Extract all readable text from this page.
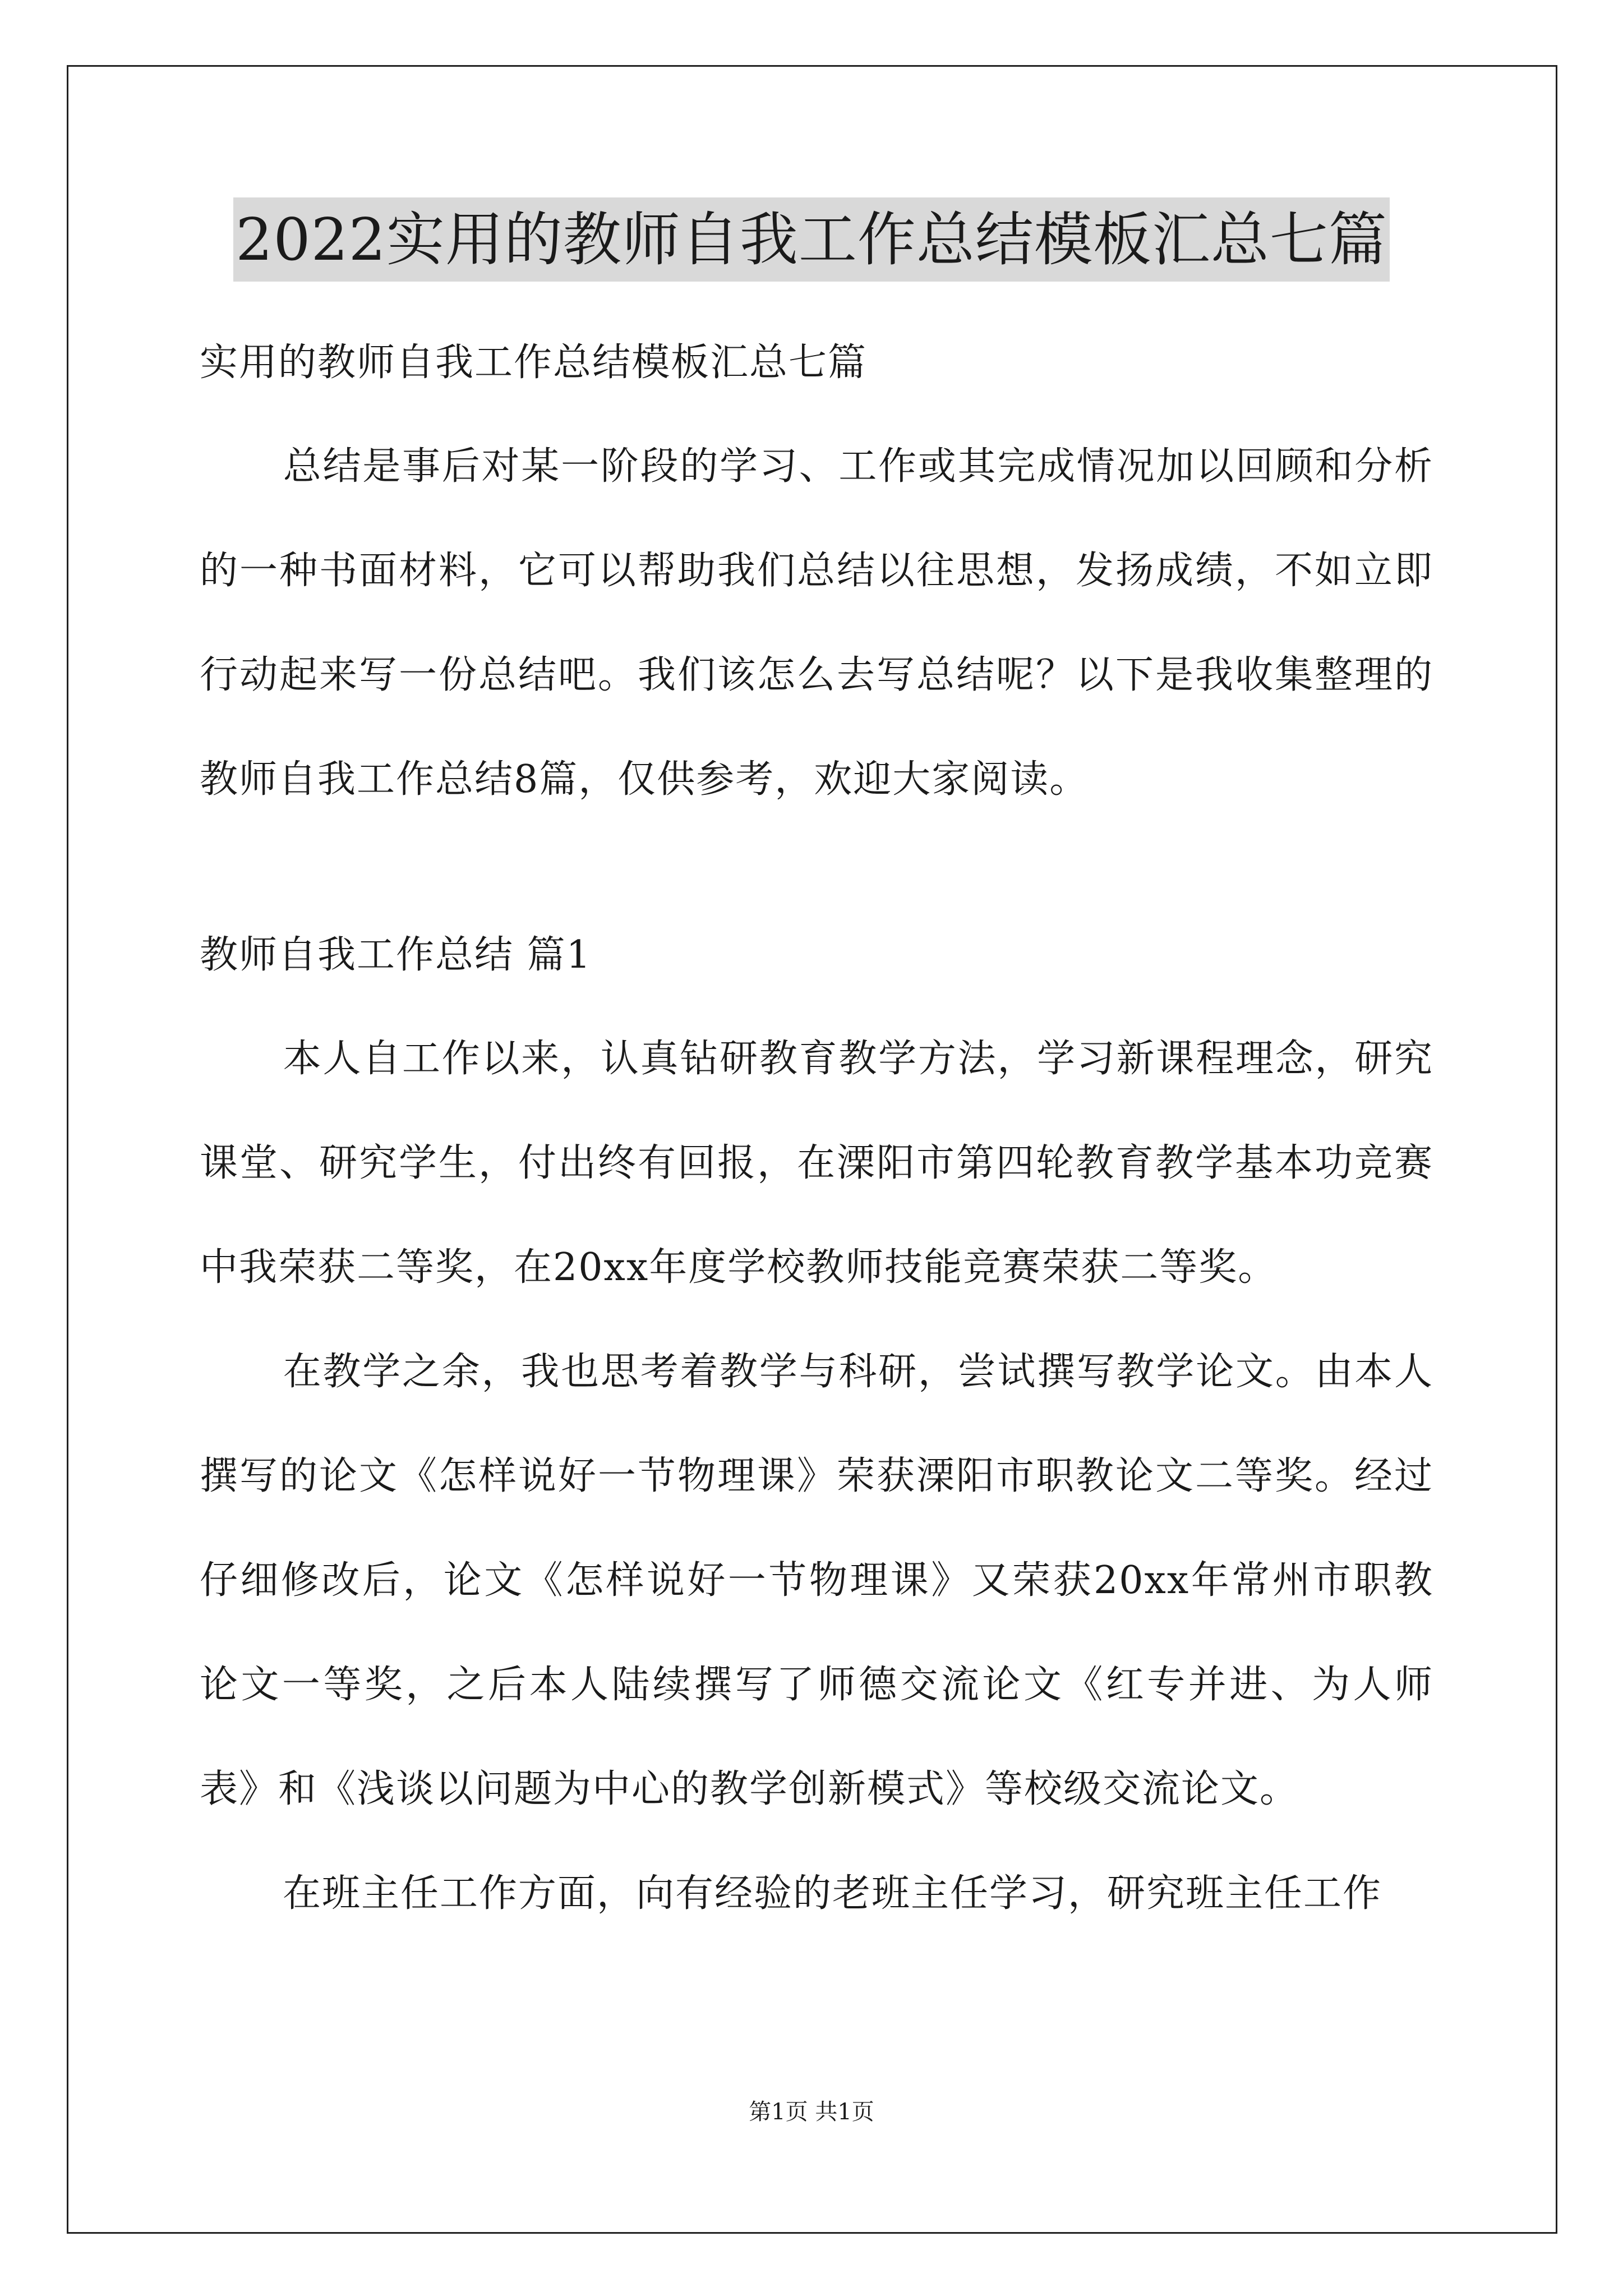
2022实用的教师自我工作总结模板汇总七篇
实用的教师自我工作总结模板汇总七篇
总结是事后对某一阶段的学习、工作或其完成情况加以回顾和分析的一种书面材料，它可以帮助我们总结以往思想，发扬成绩，不如立即行动起来写一份总结吧。我们该怎么去写总结呢？以下是我收集整理的教师自我工作总结8篇，仅供参考，欢迎大家阅读。
教师自我工作总结 篇1
本人自工作以来，认真钻研教育教学方法，学习新课程理念，研究课堂、研究学生，付出终有回报，在溧阳市第四轮教育教学基本功竞赛中我荣获二等奖，在20xx年度学校教师技能竞赛荣获二等奖。
在教学之余，我也思考着教学与科研，尝试撰写教学论文。由本人撰写的论文《怎样说好一节物理课》荣获溧阳市职教论文二等奖。经过仔细修改后，论文《怎样说好一节物理课》又荣获20xx年常州市职教论文一等奖，之后本人陆续撰写了师德交流论文《红专并进、为人师表》和《浅谈以问题为中心的教学创新模式》等校级交流论文。
在班主任工作方面，向有经验的老班主任学习，研究班主任工作
第1页 共1页
